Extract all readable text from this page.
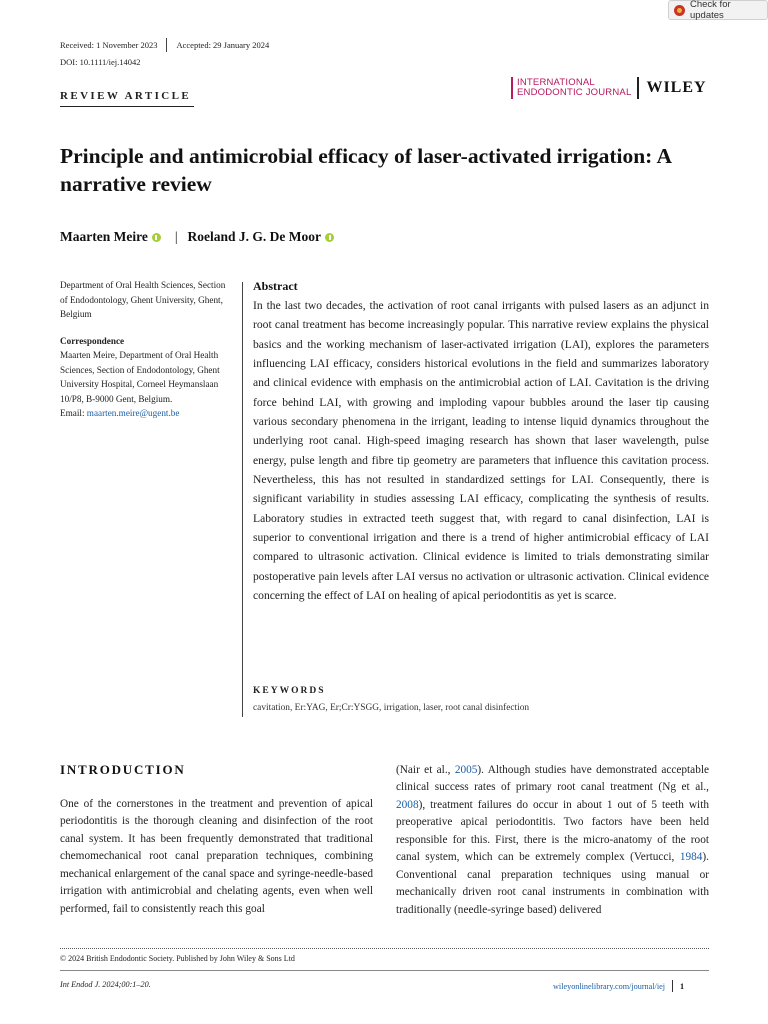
Check for updates
Received: 1 November 2023 Accepted: 29 January 2024
DOI: 10.1111/iej.14042
REVIEW ARTICLE
INTERNATIONAL
ENDODONTIC JOURNAL WILEY
Principle and antimicrobial efficacy of laser-activated irrigation: A narrative review
Maarten Meire | Roeland J. G. De Moor

Department of Oral Health Sciences, Section of Endodontology, Ghent University, Ghent, Belgium

Correspondence

Maarten Meire, Department of Oral Health Sciences, Section of Endodontology, Ghent University Hospital, Corneel Heymanslaan 10/P8, B-9000 Gent, Belgium.

Email: maarten.meire@ugent.be

Abstract

In the last two decades, the activation of root canal irrigants with pulsed lasers as an adjunct in root canal treatment has become increasingly popular. This narrative review explains the physical basics and the working mechanism of laser-activated irrigation (LAI), explores the parameters influencing LAI efficacy, considers historical evolutions in the field and summarizes laboratory and clinical evidence with emphasis on the antimicrobial action of LAI. Cavitation is the driving force behind LAI, with growing and imploding vapour bubbles around the laser tip causing various secondary phenomena in the irrigant, leading to intense liquid dynamics throughout the underlying root canal. High-speed imaging research has shown that laser wavelength, pulse energy, pulse length and fibre tip geometry are parameters that influence this cavitation process. Nevertheless, this has not resulted in standardized settings for LAI. Consequently, there is significant variability in studies assessing LAI efficacy, complicating the synthesis of results. Laboratory studies in extracted teeth suggest that, with regard to canal disinfection, LAI is superior to conventional irrigation and there is a trend of higher antimicrobial efficacy of LAI compared to ultrasonic activation. Clinical evidence is limited to trials demonstrating similar postoperative pain levels after LAI versus no activation or ultrasonic activation. Clinical evidence concerning the effect of LAI on healing of apical periodontitis as yet is scarce.

KEYWORDS
cavitation, Er:YAG, Er;Cr:YSGG, irrigation, laser, root canal disinfection
INTRODUCTION

One of the cornerstones in the treatment and prevention of apical periodontitis is the thorough cleaning and disinfection of the root canal system. It has been frequently demonstrated that traditional chemomechanical root canal preparation techniques, combining mechanical enlargement of the canal space and syringe-needle-based irrigation with antimicrobial and chelating agents, even when well performed, fail to consistently reach this goal

(Nair et al., 2005). Although studies have demonstrated acceptable clinical success rates of primary root canal treatment (Ng et al., 2008), treatment failures do occur in about 1 out of 5 teeth with preoperative apical periodontitis. Two factors have been held responsible for this. First, there is the micro-anatomy of the root canal system, which can be extremely complex (Vertucci, 1984). Conventional canal preparation techniques using manual or mechanically driven root canal instruments in combination with traditionally (needle-syringe based) delivered

© 2024 British Endodontic Society. Published by John Wiley & Sons Ltd
Int Endod J. 2024;00:1–20.	wileyonlinelibrary.com/journal/iej 1
